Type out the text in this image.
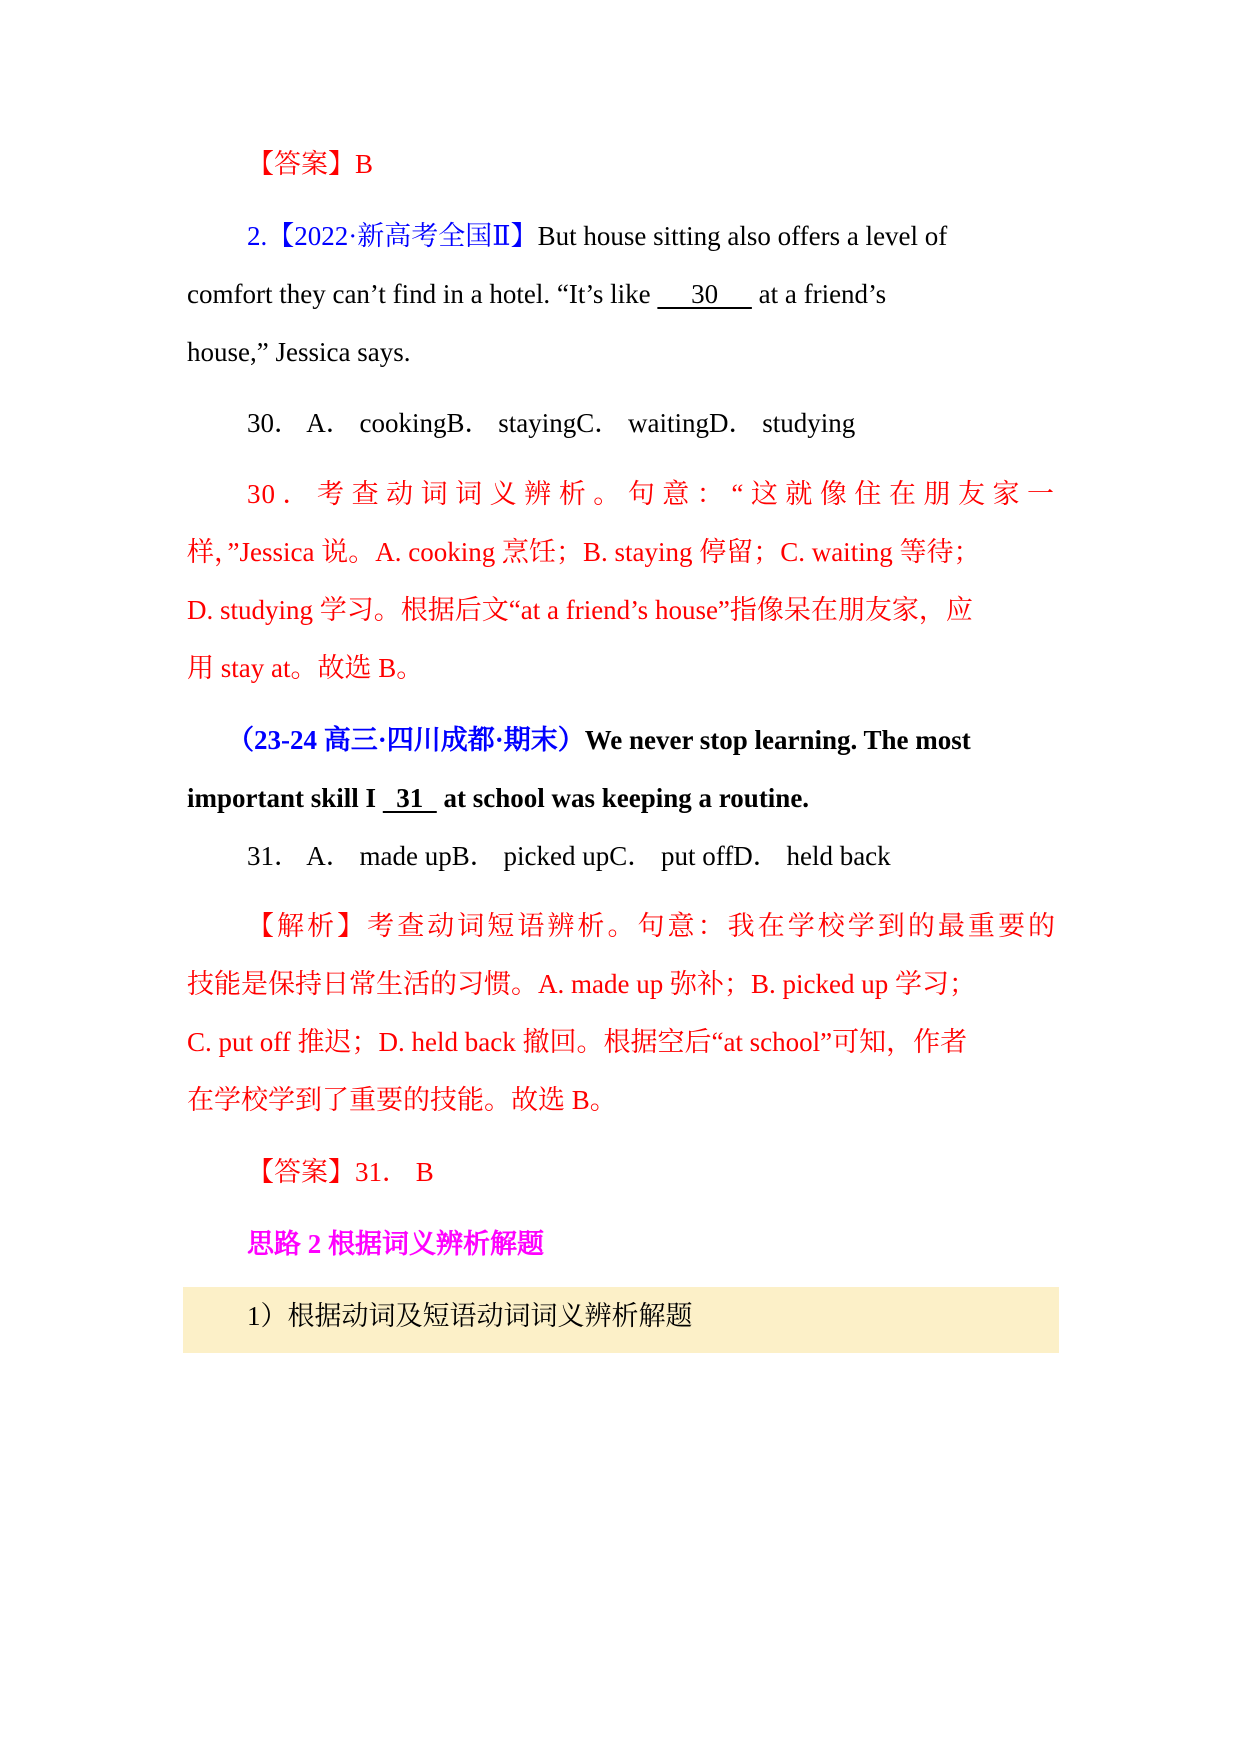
【答案】B
2.【2022·新高考全国Ⅱ】But house sitting also offers a level of
comfort they can’t find in a hotel. “It’s like      30      at a friend’s
house,” Jessica says.
30． A． cookingB． stayingC． waitingD． studying
30．考查动词词义辨析。句意：“这就像住在朋友家一
样，”Jessica 说。A. cooking 烹饪；B. staying 停留；C. waiting 等待；
D. studying 学习。根据后文“at a friend’s house”指像呆在朋友家，应
用 stay at。故选 B。
（23-24 高三·四川成都·期末）We never stop learning. The most
important skill I   31   at school was keeping a routine.
31． A． made upB． picked upC． put offD． held back
【解析】考查动词短语辨析。句意：我在学校学到的最重要的
技能是保持日常生活的习惯。A. made up 弥补；B. picked up 学习；
C. put off 推迟；D. held back 撤回。根据空后“at school”可知，作者
在学校学到了重要的技能。故选 B。
【答案】31． B
思路 2 根据词义辨析解题
1）根据动词及短语动词词义辨析解题
